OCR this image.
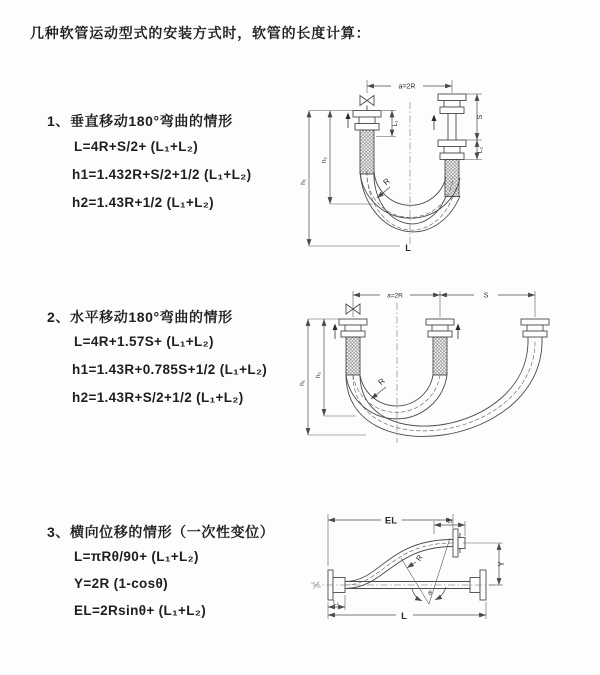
几种软管运动型式的安装方式时，软管的长度计算：
1、垂直移动180°弯曲的情形
L=4R+S/2+ (L₁+L₂)
h1=1.432R+S/2+1/2 (L₁+L₂)
h2=1.43R+1/2 (L₁+L₂)
2、水平移动180°弯曲的情形
L=4R+1.57S+ (L₁+L₂)
h1=1.43R+0.785S+1/2 (L₁+L₂)
h2=1.43R+S/2+1/2 (L₁+L₂)
3、横向位移的情形（一次性变位）
L=πRθ/90+ (L₁+L₂)
Y=2R (1-cosθ)
EL=2Rsinθ+ (L₁+L₂)
a=2R
L₁
h₁
h₂
S
L₂
R
L
a=2R	S
h₁
h₂
R
EL	L₁
Y
θ
R
L
L₂
